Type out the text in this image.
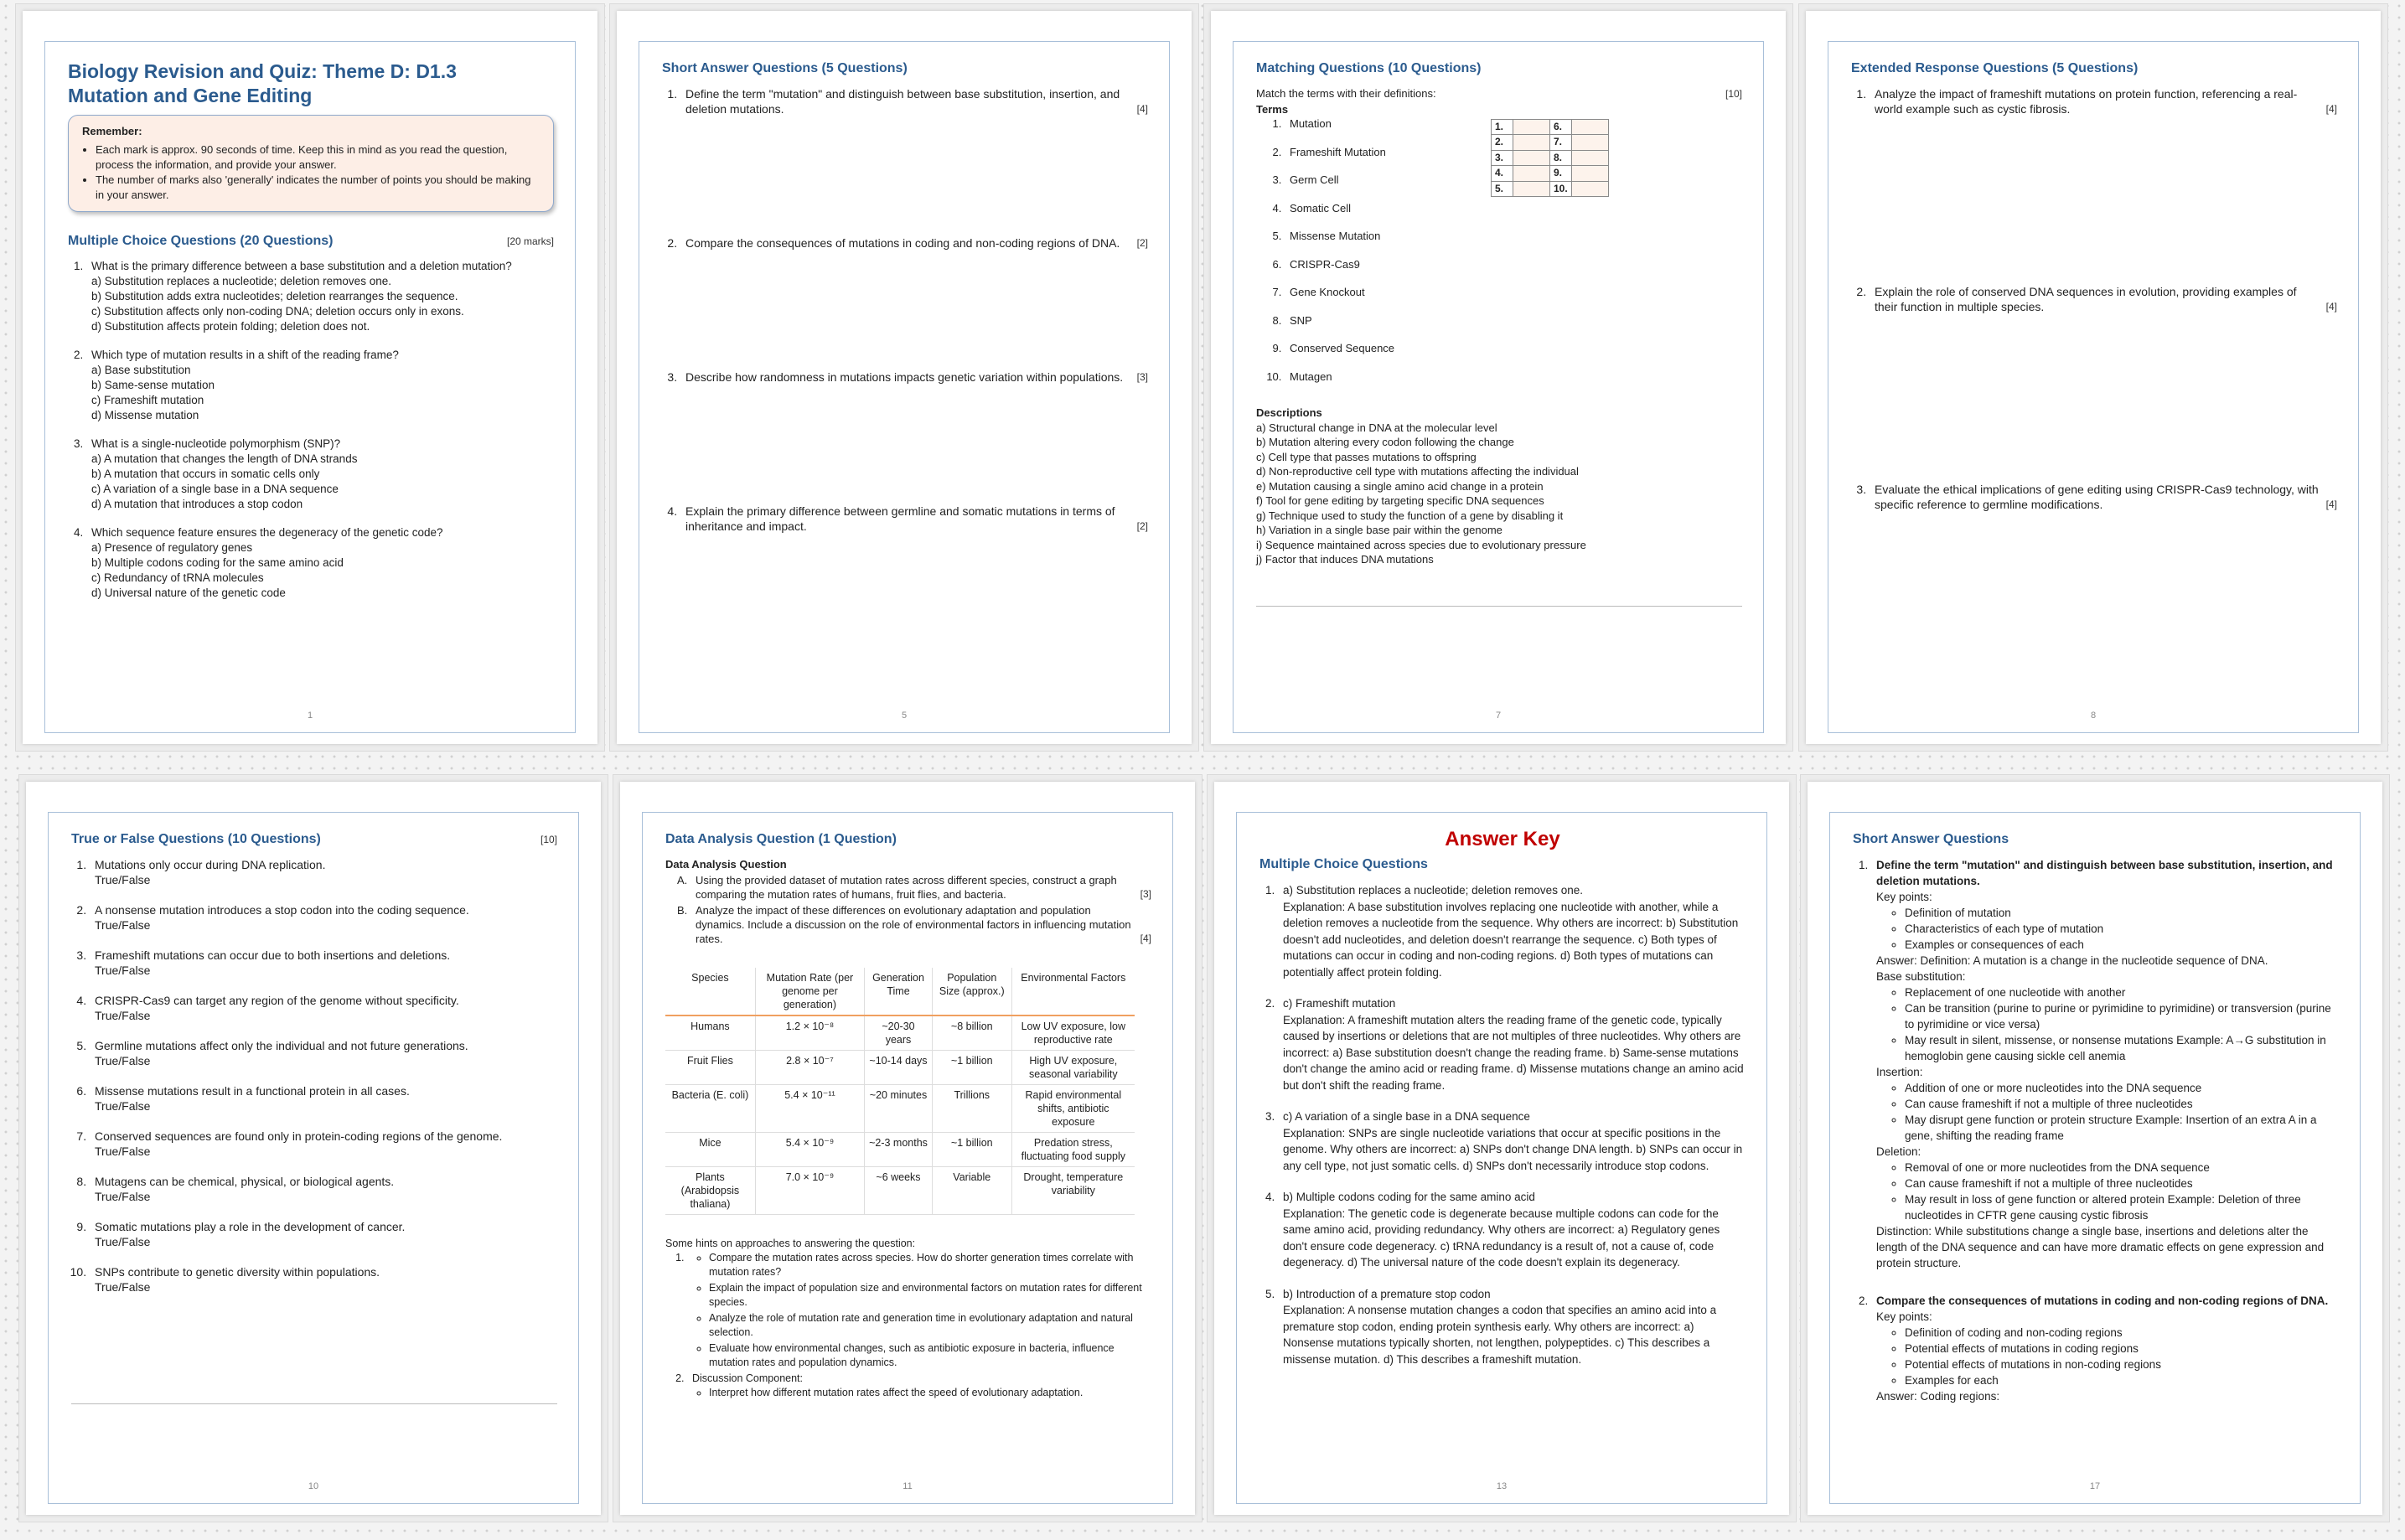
Biology Revision and Quiz: Theme D: D1.3 Mutation and Gene Editing
Remember:
• Each mark is approx. 90 seconds of time. Keep this in mind as you read the question, process the information, and provide your answer.
• The number of marks also 'generally' indicates the number of points you should be making in your answer.
Multiple Choice Questions (20 Questions)	[20 marks]
1. What is the primary difference between a base substitution and a deletion mutation?
a) Substitution replaces a nucleotide; deletion removes one.
b) Substitution adds extra nucleotides; deletion rearranges the sequence.
c) Substitution affects only non-coding DNA; deletion occurs only in exons.
d) Substitution affects protein folding; deletion does not.
2. Which type of mutation results in a shift of the reading frame?
a) Base substitution
b) Same-sense mutation
c) Frameshift mutation
d) Missense mutation
3. What is a single-nucleotide polymorphism (SNP)?
a) A mutation that changes the length of DNA strands
b) A mutation that occurs in somatic cells only
c) A variation of a single base in a DNA sequence
d) A mutation that introduces a stop codon
4. Which sequence feature ensures the degeneracy of the genetic code?
a) Presence of regulatory genes
b) Multiple codons coding for the same amino acid
c) Redundancy of tRNA molecules
d) Universal nature of the genetic code
1
Short Answer Questions (5 Questions)
1. Define the term "mutation" and distinguish between base substitution, insertion, and deletion mutations.	[4]
2. Compare the consequences of mutations in coding and non-coding regions of DNA. [2]
3. Describe how randomness in mutations impacts genetic variation within populations. [3]
4. Explain the primary difference between germline and somatic mutations in terms of inheritance and impact.	[2]
5
Matching Questions (10 Questions)
Match the terms with their definitions:	[10]
Terms
1. Mutation
2. Frameshift Mutation
3. Germ Cell
4. Somatic Cell
5. Missense Mutation
6. CRISPR-Cas9
7. Gene Knockout
8. SNP
9. Conserved Sequence
10. Mutagen
1.		6.	
2.		7.	
3.		8.	
4.		9.	
5.		10.	
Descriptions
a) Structural change in DNA at the molecular level
b) Mutation altering every codon following the change
c) Cell type that passes mutations to offspring
d) Non-reproductive cell type with mutations affecting the individual
e) Mutation causing a single amino acid change in a protein
f) Tool for gene editing by targeting specific DNA sequences
g) Technique used to study the function of a gene by disabling it
h) Variation in a single base pair within the genome
i) Sequence maintained across species due to evolutionary pressure
j) Factor that induces DNA mutations
7
Extended Response Questions (5 Questions)
1. Analyze the impact of frameshift mutations on protein function, referencing a real-world example such as cystic fibrosis.	[4]
2. Explain the role of conserved DNA sequences in evolution, providing examples of their function in multiple species.	[4]
3. Evaluate the ethical implications of gene editing using CRISPR-Cas9 technology, with specific reference to germline modifications.	[4]
8
True or False Questions (10 Questions)	[10]
1. Mutations only occur during DNA replication.
True/False
2. A nonsense mutation introduces a stop codon into the coding sequence.
True/False
3. Frameshift mutations can occur due to both insertions and deletions.
True/False
4. CRISPR-Cas9 can target any region of the genome without specificity.
True/False
5. Germline mutations affect only the individual and not future generations.
True/False
6. Missense mutations result in a functional protein in all cases.
True/False
7. Conserved sequences are found only in protein-coding regions of the genome.
True/False
8. Mutagens can be chemical, physical, or biological agents.
True/False
9. Somatic mutations play a role in the development of cancer.
True/False
10. SNPs contribute to genetic diversity within populations.
True/False
10
Data Analysis Question (1 Question)
Data Analysis Question
A. Using the provided dataset of mutation rates across different species, construct a graph comparing the mutation rates of humans, fruit flies, and bacteria.	[3]
B. Analyze the impact of these differences on evolutionary adaptation and population dynamics. Include a discussion on the role of environmental factors in influencing mutation rates.	[4]
Species	Mutation Rate (per genome per generation)	Generation Time	Population Size (approx.)	Environmental Factors
Humans	1.2 × 10⁻⁸	~20-30 years	~8 billion	Low UV exposure, low reproductive rate
Fruit Flies	2.8 × 10⁻⁷	~10-14 days	~1 billion	High UV exposure, seasonal variability
Bacteria (E. coli)	5.4 × 10⁻¹¹	~20 minutes	Trillions	Rapid environmental shifts, antibiotic exposure
Mice	5.4 × 10⁻⁹	~2-3 months	~1 billion	Predation stress, fluctuating food supply
Plants (Arabidopsis thaliana)	7.0 × 10⁻⁹	~6 weeks	Variable	Drought, temperature variability
Some hints on approaches to answering the question:
◦ 1. Compare the mutation rates across species. How do shorter generation times correlate with mutation rates?
◦ Explain the impact of population size and environmental factors on mutation rates for different species.
◦ Analyze the role of mutation rate and generation time in evolutionary adaptation and natural selection.
◦ Evaluate how environmental changes, such as antibiotic exposure in bacteria, influence mutation rates and population dynamics.
2. Discussion Component:
◦ Interpret how different mutation rates affect the speed of evolutionary adaptation.
11
Answer Key
Multiple Choice Questions
1. a) Substitution replaces a nucleotide; deletion removes one.
Explanation: A base substitution involves replacing one nucleotide with another, while a deletion removes a nucleotide from the sequence. Why others are incorrect: b) Substitution doesn't add nucleotides, and deletion doesn't rearrange the sequence. c) Both types of mutations can occur in coding and non-coding regions. d) Both types of mutations can potentially affect protein folding.
2. c) Frameshift mutation
Explanation: A frameshift mutation alters the reading frame of the genetic code, typically caused by insertions or deletions that are not multiples of three nucleotides. Why others are incorrect: a) Base substitution doesn't change the reading frame. b) Same-sense mutations don't change the amino acid or reading frame. d) Missense mutations change an amino acid but don't shift the reading frame.
3. c) A variation of a single base in a DNA sequence
Explanation: SNPs are single nucleotide variations that occur at specific positions in the genome. Why others are incorrect: a) SNPs don't change DNA length. b) SNPs can occur in any cell type, not just somatic cells. d) SNPs don't necessarily introduce stop codons.
4. b) Multiple codons coding for the same amino acid
Explanation: The genetic code is degenerate because multiple codons can code for the same amino acid, providing redundancy. Why others are incorrect: a) Regulatory genes don't ensure code degeneracy. c) tRNA redundancy is a result of, not a cause of, code degeneracy. d) The universal nature of the code doesn't explain its degeneracy.
5. b) Introduction of a premature stop codon
Explanation: A nonsense mutation changes a codon that specifies an amino acid into a premature stop codon, ending protein synthesis early. Why others are incorrect: a) Nonsense mutations typically shorten, not lengthen, polypeptides. c) This describes a missense mutation. d) This describes a frameshift mutation.
13
Short Answer Questions
1. Define the term "mutation" and distinguish between base substitution, insertion, and deletion mutations.
Key points:
◦ Definition of mutation
◦ Characteristics of each type of mutation
◦ Examples or consequences of each
Answer: Definition: A mutation is a change in the nucleotide sequence of DNA.
Base substitution:
◦ Replacement of one nucleotide with another
◦ Can be transition (purine to purine or pyrimidine to pyrimidine) or transversion (purine to pyrimidine or vice versa)
◦ May result in silent, missense, or nonsense mutations Example: A→G substitution in hemoglobin gene causing sickle cell anemia
Insertion:
◦ Addition of one or more nucleotides into the DNA sequence
◦ Can cause frameshift if not a multiple of three nucleotides
◦ May disrupt gene function or protein structure Example: Insertion of an extra A in a gene, shifting the reading frame
Deletion:
◦ Removal of one or more nucleotides from the DNA sequence
◦ Can cause frameshift if not a multiple of three nucleotides
◦ May result in loss of gene function or altered protein Example: Deletion of three nucleotides in CFTR gene causing cystic fibrosis
Distinction: While substitutions change a single base, insertions and deletions alter the length of the DNA sequence and can have more dramatic effects on gene expression and protein structure.
2. Compare the consequences of mutations in coding and non-coding regions of DNA.
Key points:
◦ Definition of coding and non-coding regions
◦ Potential effects of mutations in coding regions
◦ Potential effects of mutations in non-coding regions
◦ Examples for each
Answer: Coding regions:
17
